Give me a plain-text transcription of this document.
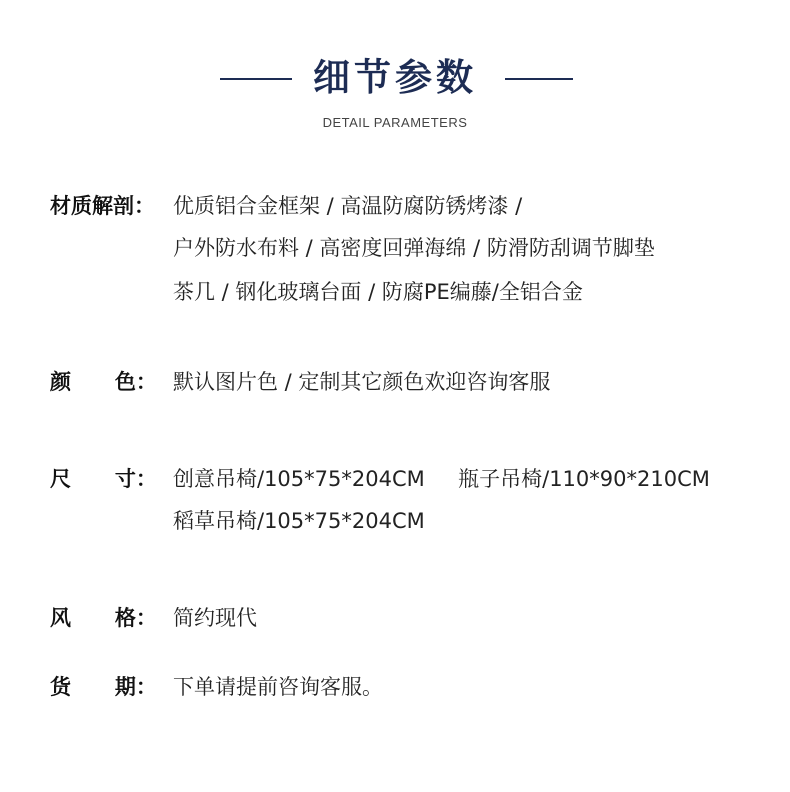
细节参数
DETAIL PARAMETERS
材质解剖： 优质铝合金框架 / 高温防腐防锈烤漆 /
户外防水布料 / 高密度回弹海绵 / 防滑防刮调节脚垫
茶几 / 钢化玻璃台面 / 防腐PE编藤/全铝合金
颜      色： 默认图片色 / 定制其它颜色欢迎咨询客服
尺      寸： 创意吊椅/105*75*204CM     瓶子吊椅/110*90*210CM
稻草吊椅/105*75*204CM
风      格： 简约现代
货      期： 下单请提前咨询客服。
